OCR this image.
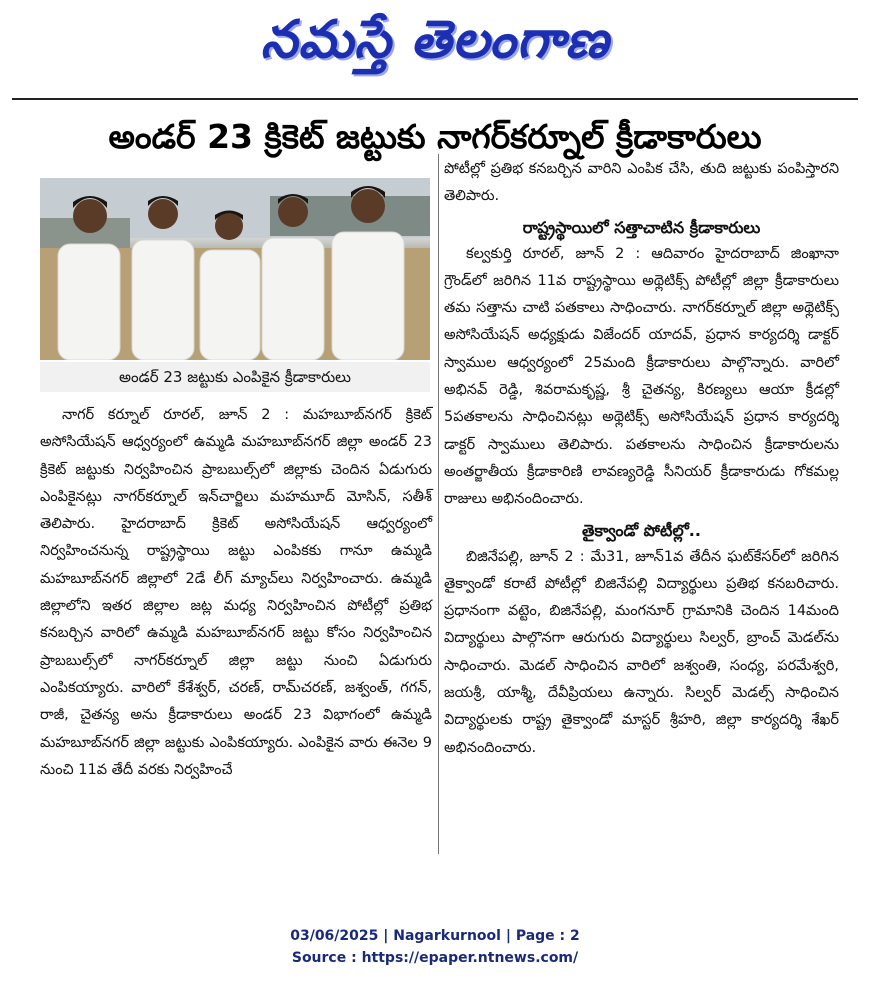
నమస్తే తెలంగాణ
అండర్‌ 23 క్రికెట్‌ జట్టుకు నాగర్‌కర్నూల్‌ క్రీడాకారులు
అండర్‌ 23 జట్టుకు ఎంపికైన క్రీడాకారులు

నాగర్‌ కర్నూల్‌ రూరల్‌, జూన్‌ 2 : మహబూబ్‌నగర్‌ క్రికెట్‌ అసోసియేషన్‌ ఆధ్వర్యంలో ఉమ్మడి మహబూబ్‌నగర్‌ జిల్లా అండర్‌ 23 క్రికెట్‌ జట్టుకు నిర్వహించిన ప్రాబబుల్స్‌లో జిల్లాకు చెందిన ఏడుగురు ఎంపికైనట్లు నాగర్‌కర్నూల్‌ ఇన్‌చార్జిలు మహమూద్‌ మోసిన్‌, సతీశ్‌ తెలిపారు. హైదరాబాద్‌ క్రికెట్‌ అసోసియేషన్‌ ఆధ్వర్యంలో నిర్వహించనున్న రాష్ట్రస్థాయి జట్టు ఎంపికకు గానూ ఉమ్మడి మహబూబ్‌నగర్‌ జిల్లాలో 2డే లీగ్‌ మ్యాచ్‌లు నిర్వహించారు. ఉమ్మడి జిల్లాలోని ఇతర జిల్లాల జట్ల మధ్య నిర్వహించిన పోటీల్లో ప్రతిభ కనబర్చిన వారిలో ఉమ్మడి మహబూబ్‌నగర్‌ జట్టు కోసం నిర్వహించిన ప్రాబబుల్స్‌లో నాగర్‌కర్నూల్‌ జిల్లా జట్టు నుంచి ఏడుగురు ఎంపికయ్యారు. వారిలో కేశేశ్వర్‌, చరణ్‌, రామ్‌చరణ్‌, జశ్వంత్‌, గగన్‌, రాజీ, చైతన్య అను క్రీడాకారులు అండర్‌ 23 విభాగంలో ఉమ్మడి మహబూబ్‌నగర్‌ జిల్లా జట్టుకు ఎంపికయ్యారు. ఎంపికైన వారు ఈనెల 9 నుంచి 11వ తేదీ వరకు నిర్వహించే

పోటీల్లో ప్రతిభ కనబర్చిన వారిని ఎంపిక చేసి, తుది జట్టుకు పంపిస్తారని తెలిపారు.

రాష్ట్రస్థాయిలో సత్తాచాటిన క్రీడాకారులు

కల్వకుర్తి రూరల్‌, జూన్‌ 2 : ఆదివారం హైదరాబాద్‌ జింఖానా గ్రౌండ్‌లో జరిగిన 11వ రాష్ట్రస్థాయి అథ్లెటిక్స్‌ పోటీల్లో జిల్లా క్రీడాకారులు తమ సత్తాను చాటి పతకాలు సాధించారు. నాగర్‌కర్నూల్‌ జిల్లా అథ్లెటిక్స్‌ అసోసియేషన్‌ అధ్యక్షుడు విజేందర్‌ యాదవ్‌, ప్రధాన కార్యదర్శి డాక్టర్‌ స్వాముల ఆధ్వర్యంలో 25మంది క్రీడాకారులు పాల్గొన్నారు. వారిలో అభినవ్‌ రెడ్డి, శివరామకృష్ణ, శ్రీ చైతన్య, కిరణ్యలు ఆయా క్రీడల్లో 5పతకాలను సాధించినట్లు అథ్లెటిక్స్‌ అసోసియేషన్‌ ప్రధాన కార్యదర్శి డాక్టర్‌ స్వాములు తెలిపారు. పతకాలను సాధించిన క్రీడాకారులను అంతర్జాతీయ క్రీడాకారిణి లావణ్యరెడ్డి సీనియర్‌ క్రీడాకారుడు గోకమల్ల రాజులు అభినందించారు.

తైక్వాండో పోటీల్లో..

బిజినేపల్లి, జూన్‌ 2 : మే31, జూన్‌1వ తేదీన ఘట్‌కేసర్‌లో జరిగిన తైక్వాండో కరాటే పోటీల్లో బిజినేపల్లి విద్యార్థులు ప్రతిభ కనబరిచారు. ప్రధానంగా వట్టెం, బిజినేపల్లి, మంగనూర్‌ గ్రామానికి చెందిన 14మంది విద్యార్థులు పాల్గొనగా ఆరుగురు విద్యార్థులు సిల్వర్‌, బ్రాంచ్‌ మెడల్‌ను సాధించారు. మెడల్‌ సాధించిన వారిలో జశ్వంతి, సంధ్య, పరమేశ్వరి, జయశ్రీ, యాశ్మీ, దేవీప్రియలు ఉన్నారు. సిల్వర్‌ మెడల్స్‌ సాధించిన విద్యార్థులకు రాష్ట్ర తైక్వాండో మాస్టర్‌ శ్రీహరి, జిల్లా కార్యదర్శి శేఖర్‌ అభినందించారు.

03/06/2025 | Nagarkurnool | Page : 2
Source : https://epaper.ntnews.com/
